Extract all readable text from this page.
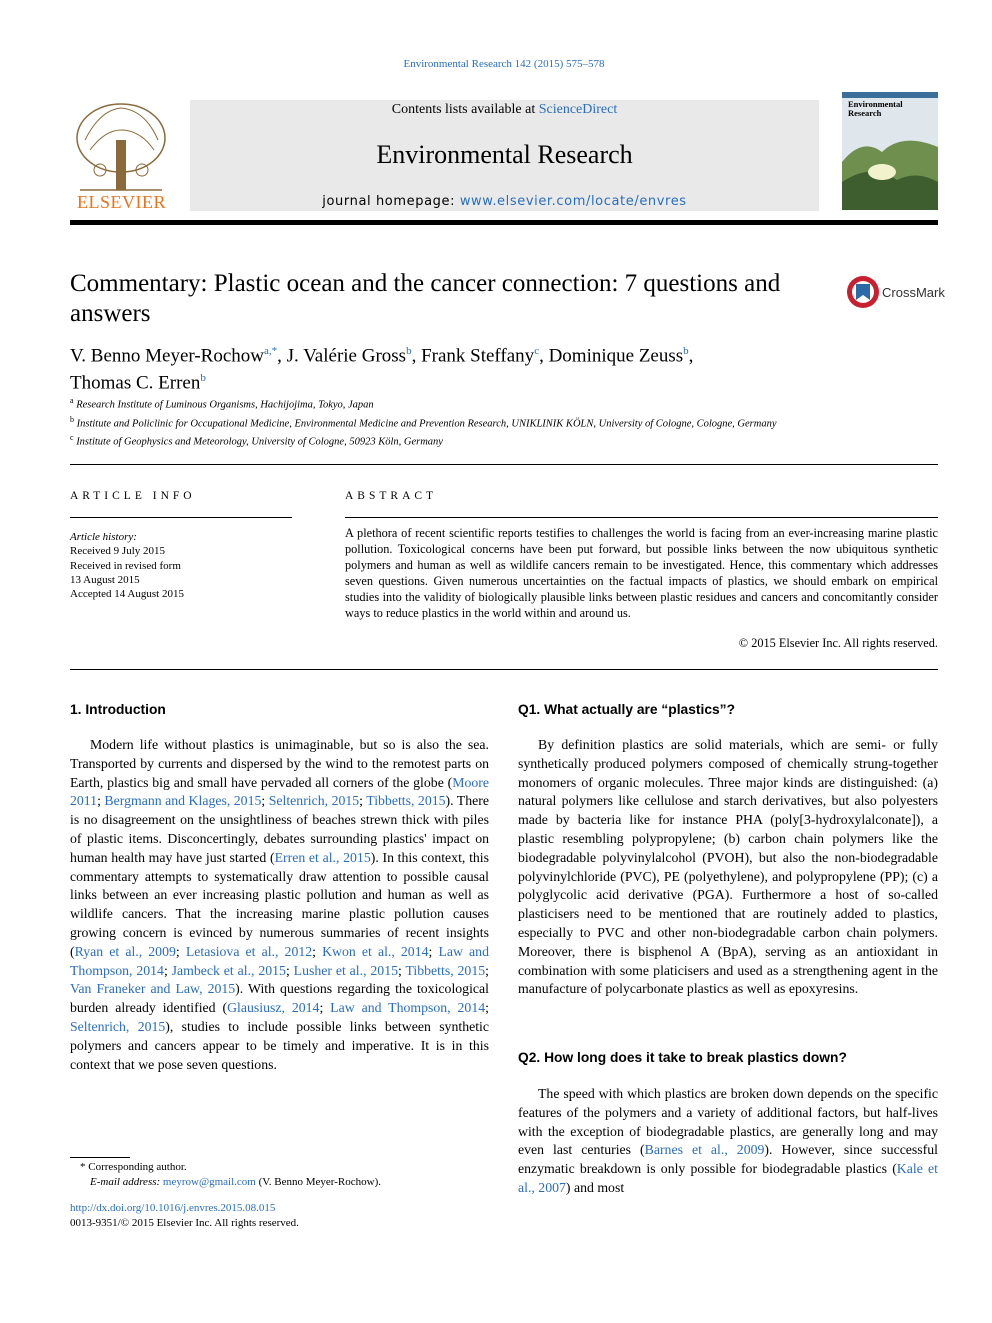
Environmental Research 142 (2015) 575–578
ELSEVIER
Contents lists available at ScienceDirect
Environmental Research
journal homepage: www.elsevier.com/locate/envres
Environmental Research
Commentary: Plastic ocean and the cancer connection: 7 questions and answers
CrossMark
V. Benno Meyer-Rochow$^{a,*}$, J. Valérie Gross$^b$, Frank Steffany$^c$, Dominique Zeuss$^b$,
Thomas C. Erren$^b$
$^a$ Research Institute of Luminous Organisms, Hachijojima, Tokyo, Japan
$^b$ Institute and Policlinic for Occupational Medicine, Environmental Medicine and Prevention Research, UNIKLINIK KÖLN, University of Cologne, Cologne, Germany
$^c$ Institute of Geophysics and Meteorology, University of Cologne, 50923 Köln, Germany
ARTICLE INFO
Article history:
Received 9 July 2015
Received in revised form
13 August 2015
Accepted 14 August 2015
ABSTRACT
A plethora of recent scientific reports testifies to challenges the world is facing from an ever-increasing marine plastic pollution. Toxicological concerns have been put forward, but possible links between the now ubiquitous synthetic polymers and human as well as wildlife cancers remain to be investigated. Hence, this commentary which addresses seven questions. Given numerous uncertainties on the factual impacts of plastics, we should embark on empirical studies into the validity of biologically plausible links between plastic residues and cancers and concomitantly consider ways to reduce plastics in the world within and around us.
© 2015 Elsevier Inc. All rights reserved.
1. Introduction

Modern life without plastics is unimaginable, but so is also the sea. Transported by currents and dispersed by the wind to the remotest parts on Earth, plastics big and small have pervaded all corners of the globe (Moore 2011; Bergmann and Klages, 2015; Seltenrich, 2015; Tibbetts, 2015). There is no disagreement on the unsightliness of beaches strewn thick with piles of plastic items. Disconcertingly, debates surrounding plastics' impact on human health may have just started (Erren et al., 2015). In this context, this commentary attempts to systematically draw attention to possible causal links between an ever increasing plastic pollution and human as well as wildlife cancers. That the increasing marine plastic pollution causes growing concern is evinced by numerous summaries of recent insights (Ryan et al., 2009; Letasiova et al., 2012; Kwon et al., 2014; Law and Thompson, 2014; Jambeck et al., 2015; Lusher et al., 2015; Tibbetts, 2015; Van Franeker and Law, 2015). With questions regarding the toxicological burden already identified (Glausiusz, 2014; Law and Thompson, 2014; Seltenrich, 2015), studies to include possible links between synthetic polymers and cancers appear to be timely and imperative. It is in this context that we pose seven questions.

* Corresponding author.
E-mail address: meyrow@gmail.com (V. Benno Meyer-Rochow).
http://dx.doi.org/10.1016/j.envres.2015.08.015
0013-9351/© 2015 Elsevier Inc. All rights reserved.
Q1. What actually are “plastics”?

By definition plastics are solid materials, which are semi- or fully synthetically produced polymers composed of chemically strung-together monomers of organic molecules. Three major kinds are distinguished: (a) natural polymers like cellulose and starch derivatives, but also polyesters made by bacteria like for instance PHA (poly[3-hydroxylalconate]), a plastic resembling polypropylene; (b) carbon chain polymers like the biodegradable polyvinylalcohol (PVOH), but also the non-biodegradable polyvinylchloride (PVC), PE (polyethylene), and polypropylene (PP); (c) a polyglycolic acid derivative (PGA). Furthermore a host of so-called plasticisers need to be mentioned that are routinely added to plastics, especially to PVC and other non-biodegradable carbon chain polymers. Moreover, there is bisphenol A (BpA), serving as an antioxidant in combination with some platicisers and used as a strengthening agent in the manufacture of polycarbonate plastics as well as epoxyresins.

Q2. How long does it take to break plastics down?

The speed with which plastics are broken down depends on the specific features of the polymers and a variety of additional factors, but half-lives with the exception of biodegradable plastics, are generally long and may even last centuries (Barnes et al., 2009). However, since successful enzymatic breakdown is only possible for biodegradable plastics (Kale et al., 2007) and most
